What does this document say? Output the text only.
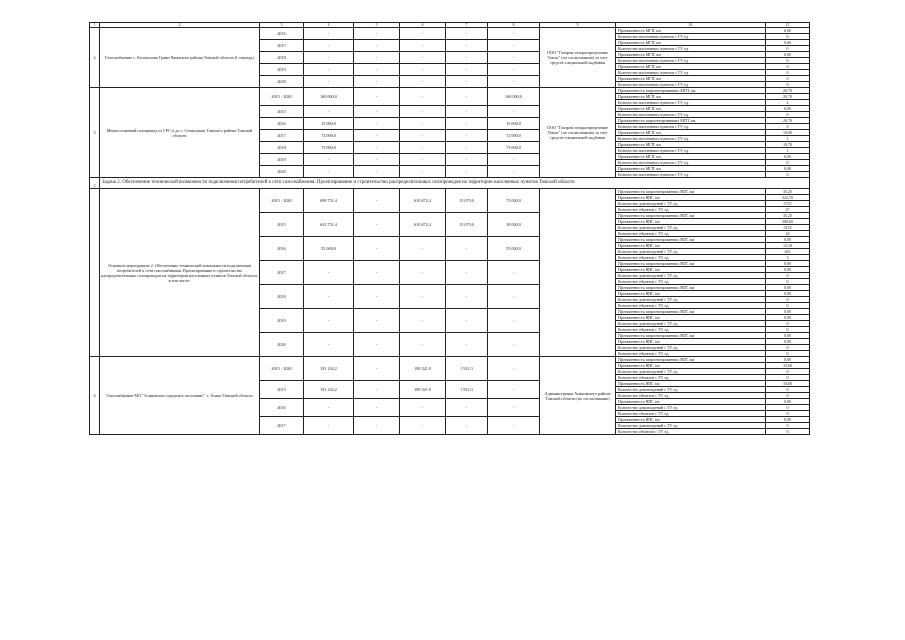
1	2	3	4	5	6	7	8	9	10	11
2	Газоснабжение с. Колоколово Грани Чаинского района Томской области (I очередь)	2016	-	-	-	-	-	ООО "Газпром газораспределение Томск" (по согласованию) за счет средств специальной надбавки	Протяженность МГП, км	6,00
									Количество населенных пунктов с ТУ, ед.	0
		2017	-	-	-	-	-		Протяженность МГП, км	0,00
									Количество населенных пунктов с ТУ, ед.	0
		2018	-	-	-	-	-		Протяженность МГП, км	0,00
									Количество населенных пунктов с ТУ, ед.	0
		2019	-	-	-	-	-		Протяженность МГП, км	0
									Количество населенных пунктов с ТУ, ед.	0
		2020	-	-	-	-	-		Протяженность МГП, км	0
									Количество населенных пунктов с ТУ, ед.	0
3	Межпоселковый газопровод от ГРС-2 до с. Семилужки Томского района Томской области	2015 - 2020	160 000,0	-	-	-	160 000,0	ООО "Газпром газораспределение Томск" (по согласованию) за счет средств специальной надбавки	Протяженность запроектированных МГП, км	20,70
									Протяженность МГП, км	20,70
									Количество населенных пунктов с ТУ, ед.	2
		2015	-	-	-	-	-		Протяженность МГП, км	0,00
									Количество населенных пунктов с ТУ, ед.	0
		2016	15 000,0	-	-	-	15 000,0		Протяженность запроектированных МГП, км	20,70
									Количество населенных пунктов с ТУ, ед.	0
		2017	72 000,0	-	-	-	72 000,0		Протяженность МГП, км	10,00
									Количество населенных пунктов с ТУ, ед.	1
		2018	73 000,0	-	-	-	73 000,0		Протяженность МГП, км	10,70
									Количество населенных пунктов с ТУ, ед.	1
		2019	-	-	-	-	-		Протяженность МГП, км	0,00
									Количество населенных пунктов с ТУ, ед.	0
		2020	-	-	-	-	-		Протяженность МГП, км	0,00
									Количество населенных пунктов с ТУ, ед.	0
2	Задача 2. Обеспечение технической возможности подключения потребителей к сети газоснабжения. Проектирование и строительство распределительных газопроводов на территории населенных пунктов Томской области									
	Основное мероприятие 2. Обеспечение технической возможности подключения потребителей к сети газоснабжения. Проектирование и строительство распределительных газопроводов на территории населенных пунктов Томской области, в том числе:	2015 - 2020	698 751,4	-	610 672,4	15 079,0	73 000,0		Протяженность запроектированных ВПГ, км	35,25
									Протяженность ВПГ, км	222,70
									Количество домовладений с ТУ, ед.	5735
									Количество объектов с ТУ, ед.	27
		2015	643 751,4	-	610 672,4	15 079,0	18 000,0		Протяженность запроектированных ВПГ, км	35,25
									Протяженность ВПГ, км	208,60
									Количество домовладений с ТУ, ед.	5474
									Количество объектов с ТУ, ед.	24
		2016	55 000,0	-	-	-	55 000,0		Протяженность запроектированных ВПГ, км	0,00
									Протяженность ВПГ, км	14,10
									Количество домовладений с ТУ, ед.	261
									Количество объектов с ТУ, ед.	3
		2017	-	-	-	-	-		Протяженность запроектированных ВПГ, км	0,00
									Протяженность ВПГ, км	0,00
									Количество домовладений с ТУ, ед.	0
									Количество объектов с ТУ, ед.	0
		2018	-	-	-	-	-		Протяженность запроектированных ВПГ, км	0,00
									Протяженность ВПГ, км	0,00
									Количество домовладений с ТУ, ед.	0
									Количество объектов с ТУ, ед.	0
		2019	-	-	-	-	-		Протяженность запроектированных ВПГ, км	0,00
									Протяженность ВПГ, км	0,00
									Количество домовладений с ТУ, ед.	0
									Количество объектов с ТУ, ед.	0
		2020	-	-	-	-	-		Протяженность запроектированных ВПГ, км	0,00
									Протяженность ВПГ, км	0,00
									Количество домовладений с ТУ, ед.	0
									Количество объектов с ТУ, ед.	0
4	Газоснабжение МО "Асиновское городское поселение", г. Асино Томской области	2015 - 2020	191 234,2	-	189 321,9	1 912,3	-	Администрация Асиновского района Томской области (по согласованию)	Протяженность запроектированных ВПГ, км	0,00
									Протяженность ВПГ, км	33,60
									Количество домовладений с ТУ, ед.	0
									Количество объектов с ТУ, ед.	0
		2015	191 234,2	-	189 321,9	1 912,3	-		Протяженность ВПГ, км	33,60
									Количество домовладений с ТУ, ед.	0
									Количество объектов с ТУ, ед.	0
		2016	-	-	-	-	-		Протяженность ВПГ, км	0,00
									Количество домовладений с ТУ, ед.	0
									Количество объектов с ТУ, ед.	0
		2017	-	-	-	-	-		Протяженность ВПГ, км	0,00
									Количество домовладений с ТУ, ед.	0
									Количество объектов с ТУ, ед.	0
